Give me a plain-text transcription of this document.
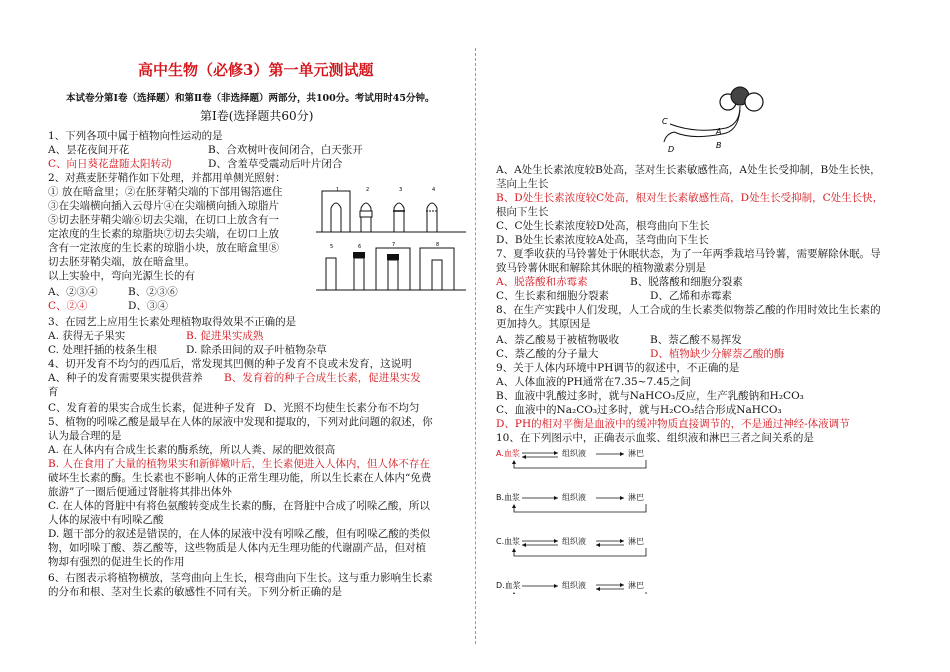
高中生物（必修3）第一单元测试题
本试卷分第Ⅰ卷（选择题）和第Ⅱ卷（非选择题）两部分，共100分。考试用时45分钟。
第Ⅰ卷(选择题共60分)
1、下列各项中属于植物向性运动的是
A、昙花夜间开花	B、合欢树叶夜间闭合，白天张开
C、向日葵花盘随太阳转动	D、含羞草受震动后叶片闭合
2、对燕麦胚芽鞘作如下处理，并都用单侧光照射：
① 放在暗盒里；②在胚芽鞘尖端的下部用锡箔遮住
③在尖端横向插入云母片④在尖端横向插入琼脂片
⑤切去胚芽鞘尖端⑥切去尖端，在切口上放含有一
定浓度的生长素的琼脂块⑦切去尖端，在切口上放
含有一定浓度的生长素的琼脂小块，放在暗盒里⑧
切去胚芽鞘尖端，放在暗盒里。
以上实验中，弯向光源生长的有
A、②③④	B、②③⑥
C、②④	D、③④
1	2	3	4
5	6	7	8
3、在园艺上应用生长素处理植物取得效果不正确的是
A. 获得无子果实	B. 促进果实成熟
C. 处理扦插的枝条生根	D. 除杀田间的双子叶植物杂草
4、切开发育不均匀的西瓜后，常发现其凹侧的种子发育不良或未发育，这说明
A、种子的发育需要果实提供营养 B、发育着的种子合成生长素，促进果实发
育
C、发育着的果实合成生长素，促进种子发育 D、光照不均使生长素分布不均匀
5、植物的吲哚乙酸是最早在人体的尿液中发现和提取的，下列对此问题的叙述，你
认为最合理的是
A. 在人体内有合成生长素的酶系统，所以人粪、尿的肥效很高
B. 人在食用了大量的植物果实和新鲜嫩叶后，生长素便进入人体内，但人体不存在
破坏生长素的酶。生长素也不影响人体的正常生理功能，所以生长素在人体内“免费
旅游”了一圈后便通过肾脏将其排出体外
C. 在人体的肾脏中有将色氨酸转变成生长素的酶，在肾脏中合成了吲哚乙酸，所以
人体的尿液中有吲哚乙酸
D. 题干部分的叙述是错误的，在人体的尿液中没有吲哚乙酸，但有吲哚乙酸的类似
物，如吲哚丁酸、萘乙酸等，这些物质是人体内无生理功能的代谢副产品，但对植
物却有强烈的促进生长的作用
6、右图表示将植物横放，茎弯曲向上生长，根弯曲向下生长。这与重力影响生长素
的分布和根、茎对生长素的敏感性不同有关。下列分析正确的是
A
B
C
D
A、A处生长素浓度较B处高，茎对生长素敏感性高，A处生长受抑制，B处生长快，
茎向上生长
B、D处生长素浓度较C处高，根对生长素敏感性高，D处生长受抑制，C处生长快，
根向下生长
C、C处生长素浓度较D处高，根弯曲向下生长
D、B处生长素浓度较A处高，茎弯曲向下生长
7、夏季收获的马铃薯处于休眠状态，为了一年两季栽培马铃薯，需要解除休眠。导
致马铃薯休眠和解除其休眠的植物激素分别是
A、脱落酸和赤霉素	B、脱落酸和细胞分裂素
C、生长素和细胞分裂素	D、乙烯和赤霉素
8、在生产实践中人们发现，人工合成的生长素类似物萘乙酸的作用时效比生长素的
更加持久。其原因是
A、萘乙酸易于被植物吸收	B、萘乙酸不易挥发
C、萘乙酸的分子量大	D、植物缺少分解萘乙酸的酶
9、关于人体内环境中PH调节的叙述中，不正确的是
A、人体血液的PH通常在7.35~7.45之间
B、血液中乳酸过多时，就与NaHCO₃反应，生产乳酸钠和H₂CO₃
C、血液中的Na₂CO₃过多时，就与H₂CO₃结合形成NaHCO₃
D、PH的相对平衡是血液中的缓冲物质直接调节的，不是通过神经-体液调节
10、在下列图示中，正确表示血浆、组织液和淋巴三者之间关系的是
A.血浆	组织液	淋巴
B.血浆	组织液	淋巴
C.血浆	组织液	淋巴
D.血浆	组织液	淋巴
